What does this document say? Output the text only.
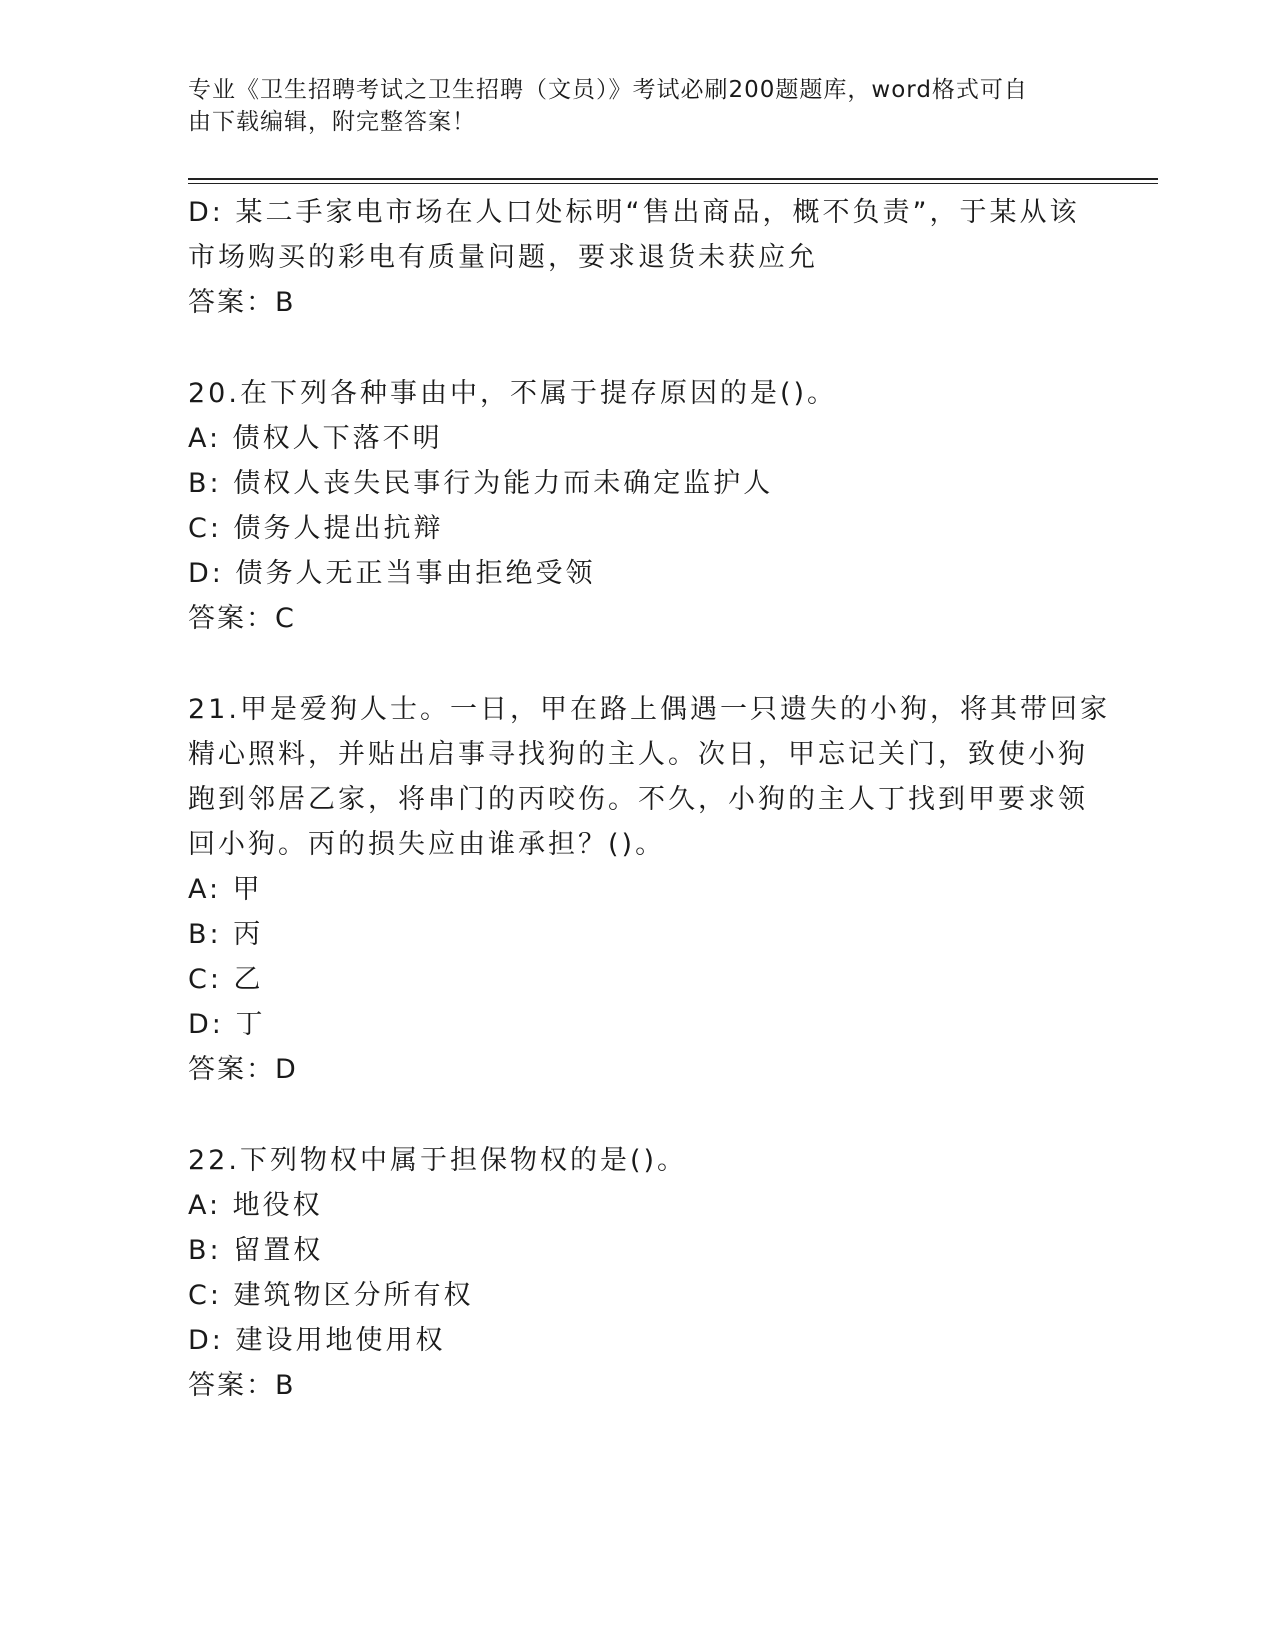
专业《卫生招聘考试之卫生招聘（文员）》考试必刷200题题库，word格式可自
由下载编辑，附完整答案！
D: 某二手家电市场在人口处标明“售出商品，概不负责”，于某从该
市场购买的彩电有质量问题，要求退货未获应允
答案：B
20.在下列各种事由中，不属于提存原因的是()。
A: 债权人下落不明
B: 债权人丧失民事行为能力而未确定监护人
C: 债务人提出抗辩
D: 债务人无正当事由拒绝受领
答案：C
21.甲是爱狗人士。一日，甲在路上偶遇一只遗失的小狗，将其带回家
精心照料，并贴出启事寻找狗的主人。次日，甲忘记关门，致使小狗
跑到邻居乙家，将串门的丙咬伤。不久，小狗的主人丁找到甲要求领
回小狗。丙的损失应由谁承担？()。
A: 甲
B: 丙
C: 乙
D: 丁
答案：D
22.下列物权中属于担保物权的是()。
A: 地役权
B: 留置权
C: 建筑物区分所有权
D: 建设用地使用权
答案：B
